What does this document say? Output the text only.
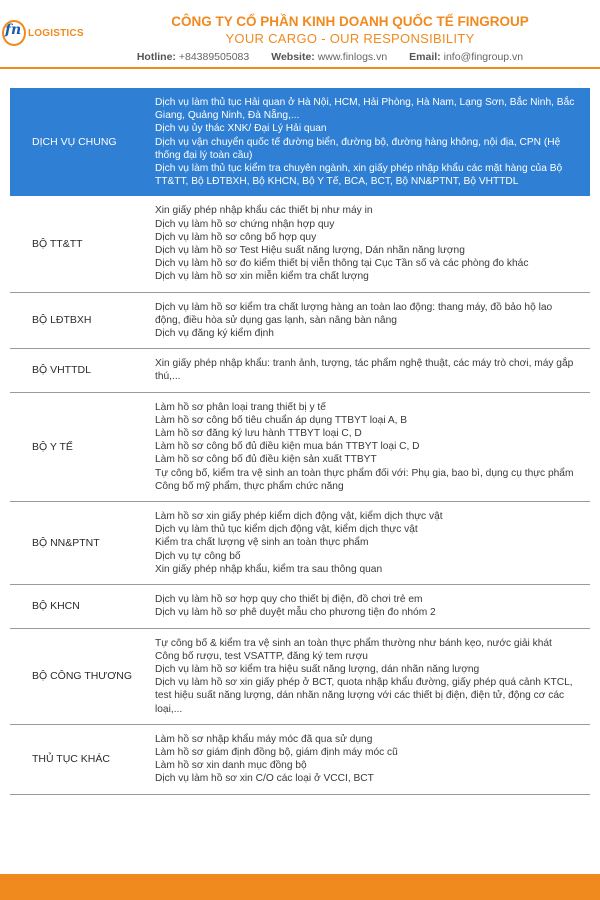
fn LOGISTICS
CÔNG TY CỔ PHẦN KINH DOANH QUỐC TẾ FINGROUP
YOUR CARGO - OUR RESPONSIBILITY
Hotline: +84389505083 Website: www.finlogs.vn Email: info@fingroup.vn
DỊCH VỤ CHUNG
Dịch vụ làm thủ tục Hải quan ở Hà Nội, HCM, Hải Phòng, Hà Nam, Lạng Sơn, Bắc Ninh, Bắc Giang, Quảng Ninh, Đà Nẵng,...
Dịch vụ ủy thác XNK/ Đại Lý Hải quan
Dịch vụ vận chuyển quốc tế đường biển, đường bộ, đường hàng không, nội địa, CPN (Hệ thống đại lý toàn cầu)
Dịch vụ làm thủ tục kiểm tra chuyên ngành, xin giấy phép nhập khẩu các mặt hàng của Bộ TT&TT, Bộ LĐTBXH, Bộ KHCN, Bộ Y Tế, BCA, BCT, Bộ NN&PTNT, Bộ VHTTDL
BỘ TT&TT
Xin giấy phép nhập khẩu các thiết bị như máy in
Dịch vụ làm hồ sơ chứng nhận hợp quy
Dịch vụ làm hồ sơ công bố hợp quy
Dịch vụ làm hồ sơ Test Hiệu suất năng lượng, Dán nhãn năng lượng
Dịch vụ làm hồ sơ đo kiểm thiết bị viễn thông tại Cục Tần số và các phòng đo khác
Dịch vụ làm hồ sơ xin miễn kiểm tra chất lượng
BỘ LĐTBXH
Dịch vụ làm hồ sơ kiểm tra chất lượng hàng an toàn lao động: thang máy, đồ bảo hộ lao động, điều hòa sử dụng gas lạnh, sàn nâng bàn nâng
Dịch vụ đăng ký kiểm định
BỘ VHTTDL
Xin giấy phép nhập khẩu: tranh ảnh, tượng, tác phẩm nghệ thuật, các máy trò chơi, máy gắp thú,...
BỘ Y TẾ
Làm hồ sơ phân loại trang thiết bị y tế
Làm hồ sơ công bố tiêu chuẩn áp dụng TTBYT loại A, B
Làm hồ sơ đăng ký lưu hành TTBYT loại C, D
Làm hồ sơ công bố đủ điều kiện mua bán TTBYT loại C, D
Làm hồ sơ công bố đủ điều kiện sản xuất TTBYT
Tự công bố, kiểm tra vệ sinh an toàn thực phẩm đối với: Phụ gia, bao bì, dụng cụ thực phẩm
Công bố mỹ phẩm, thực phẩm chức năng
BỘ NN&PTNT
Làm hồ sơ xin giấy phép kiểm dịch động vật, kiểm dịch thực vật
Dịch vụ làm thủ tục kiểm dịch động vật, kiểm dịch thực vật
Kiểm tra chất lượng vệ sinh an toàn thực phẩm
Dịch vụ tự công bố
Xin giấy phép nhập khẩu, kiểm tra sau thông quan
BỘ KHCN
Dịch vụ làm hồ sơ hợp quy cho thiết bị điện, đồ chơi trẻ em
Dịch vụ làm hồ sơ phê duyệt mẫu cho phương tiện đo nhóm 2
BỘ CÔNG THƯƠNG
Tự công bố & kiểm tra vệ sinh an toàn thực phẩm thường như bánh kẹo, nước giải khát
Công bố rượu, test VSATTP, đăng ký tem rượu
Dịch vụ làm hồ sơ kiểm tra hiệu suất năng lượng, dán nhãn năng lượng
Dịch vụ làm hồ sơ xin giấy phép ở BCT, quota nhập khẩu đường, giấy phép quá cảnh KTCL, test hiệu suất năng lượng, dán nhãn năng lượng với các thiết bị điện, điện tử, động cơ các loại,...
THỦ TỤC KHÁC
Làm hồ sơ nhập khẩu máy móc đã qua sử dụng
Làm hồ sơ giám định đồng bộ, giám định máy móc cũ
Làm hồ sơ xin danh mục đồng bộ
Dịch vụ làm hồ sơ xin C/O các loại ở VCCI, BCT
